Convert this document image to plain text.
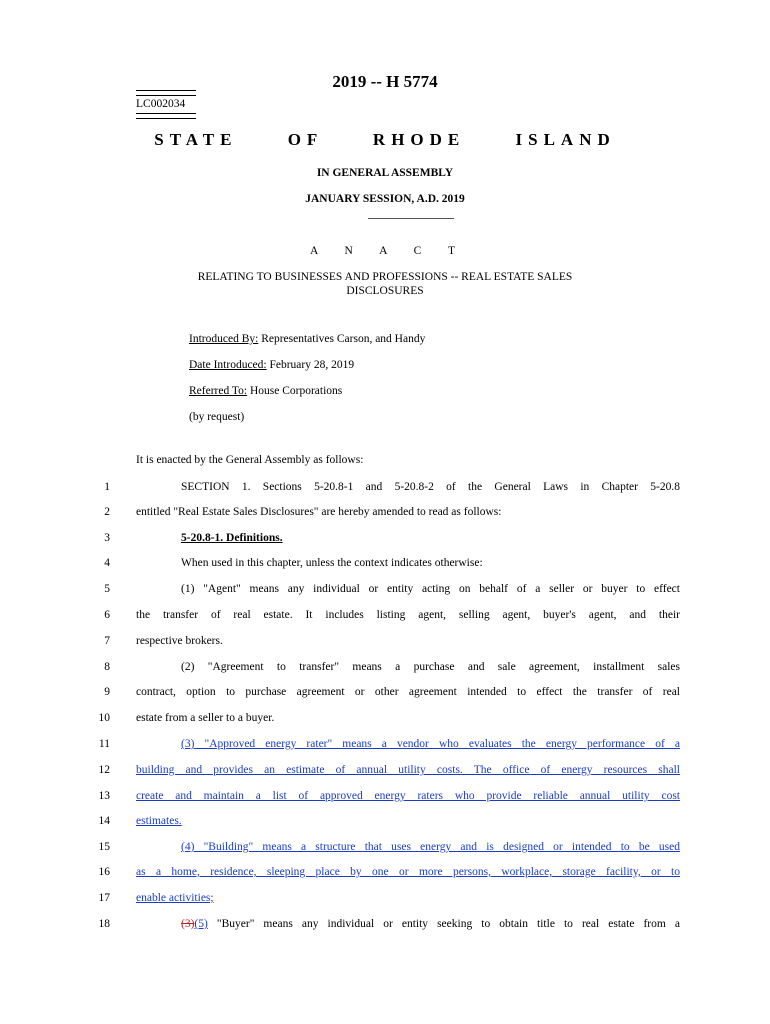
2019 -- H 5774
LC002034
STATE OF RHODE ISLAND
IN GENERAL ASSEMBLY
JANUARY SESSION, A.D. 2019
A N A C T
RELATING TO BUSINESSES AND PROFESSIONS -- REAL ESTATE SALES
DISCLOSURES
Introduced By: Representatives Carson, and Handy
Date Introduced: February 28, 2019
Referred To: House Corporations
(by request)
It is enacted by the General Assembly as follows:
1	SECTION 1. Sections 5-20.8-1 and 5-20.8-2 of the General Laws in Chapter 5-20.8
2 entitled "Real Estate Sales Disclosures" are hereby amended to read as follows:
3	5-20.8-1. Definitions.
4	When used in this chapter, unless the context indicates otherwise:
5	(1) "Agent" means any individual or entity acting on behalf of a seller or buyer to effect
6 the transfer of real estate. It includes listing agent, selling agent, buyer's agent, and their
7 respective brokers.
8	(2) "Agreement to transfer" means a purchase and sale agreement, installment sales
9 contract, option to purchase agreement or other agreement intended to effect the transfer of real
10 estate from a seller to a buyer.
11	(3) "Approved energy rater" means a vendor who evaluates the energy performance of a
12 building and provides an estimate of annual utility costs. The office of energy resources shall
13 create and maintain a list of approved energy raters who provide reliable annual utility cost
14 estimates.
15	(4) "Building" means a structure that uses energy and is designed or intended to be used
16 as a home, residence, sleeping place by one or more persons, workplace, storage facility, or to
17 enable activities;
18	(3) (5) "Buyer" means any individual or entity seeking to obtain title to real estate from a
